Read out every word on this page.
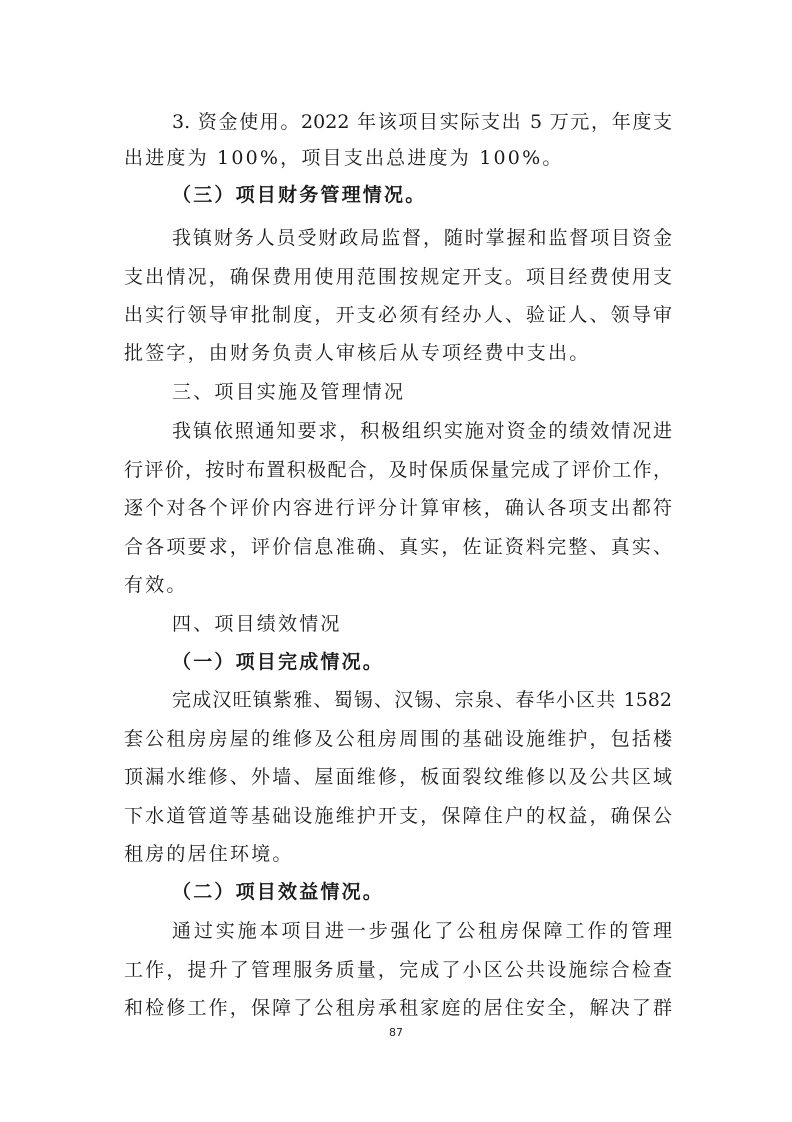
3. 资金使用。2022 年该项目实际支出 5 万元，年度支
出进度为 100%，项目支出总进度为 100%。
（三）项目财务管理情况。
我镇财务人员受财政局监督，随时掌握和监督项目资金
支出情况，确保费用使用范围按规定开支。项目经费使用支
出实行领导审批制度，开支必须有经办人、验证人、领导审
批签字，由财务负责人审核后从专项经费中支出。
三、项目实施及管理情况
我镇依照通知要求，积极组织实施对资金的绩效情况进
行评价，按时布置积极配合，及时保质保量完成了评价工作，
逐个对各个评价内容进行评分计算审核，确认各项支出都符
合各项要求，评价信息准确、真实，佐证资料完整、真实、
有效。
四、项目绩效情况
（一）项目完成情况。
完成汉旺镇紫雅、蜀锡、汉锡、宗泉、春华小区共 1582
套公租房房屋的维修及公租房周围的基础设施维护，包括楼
顶漏水维修、外墙、屋面维修，板面裂纹维修以及公共区域
下水道管道等基础设施维护开支，保障住户的权益，确保公
租房的居住环境。
（二）项目效益情况。
通过实施本项目进一步强化了公租房保障工作的管理
工作，提升了管理服务质量，完成了小区公共设施综合检查
和检修工作，保障了公租房承租家庭的居住安全，解决了群
87
